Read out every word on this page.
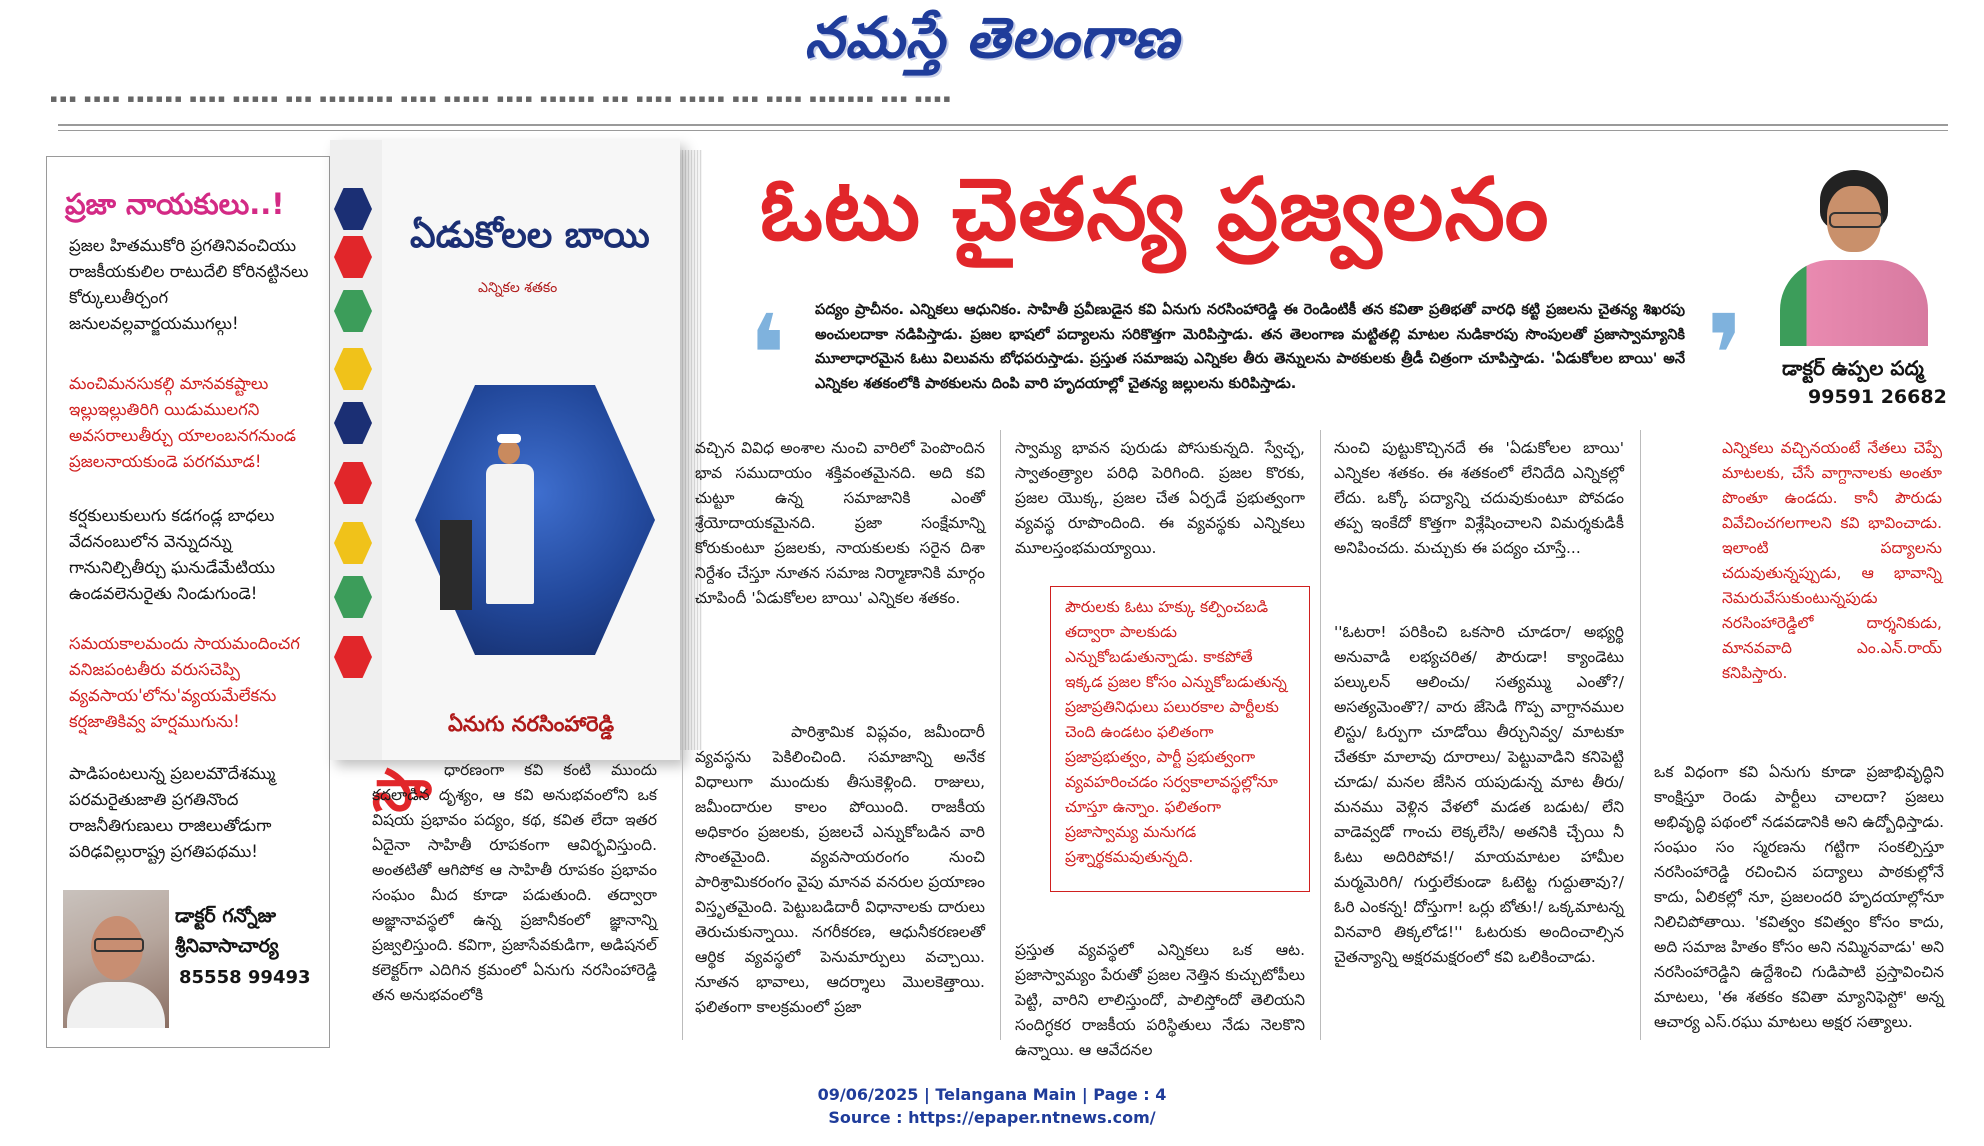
నమస్తే తెలంగాణ
▪▪▪ ▪▪▪▪ ▪▪▪▪▪▪ ▪▪▪▪ ▪▪▪▪▪ ▪▪▪ ▪▪▪▪▪▪▪▪ ▪▪▪▪ ▪▪▪▪▪ ▪▪▪▪ ▪▪▪▪▪▪ ▪▪▪ ▪▪▪▪ ▪▪▪▪▪ ▪▪▪ ▪▪▪▪ ▪▪▪▪▪▪▪ ▪▪▪ ▪▪▪▪
ప్రజా నాయకులు..!

ప్రజల హితముకోరి ప్రగతినివంచియు రాజకీయకులిల రాటుదేలి కోరినట్టినలు కోర్కులుతీర్చంగ జనులవల్లవార్జయముగల్గు!

మంచిమనసుకల్గి మానవకష్టాలు ఇల్లుఇల్లుతిరిగి యిడుములగని అవసరాలుతీర్చు యాలంబనగనుండ ప్రజలనాయకుండె పరగమూడ!

కర్షకులుకులుగు కడగండ్ల బాధలు వేదనంబులోన వెన్నుదన్ను గానునిల్చితీర్చు ఘనుడేమేటియు ఉండవలెనురైతు నిండుగుండె!

సమయకాలమందు సాయమందించగ వనిజపంటతీరు వరుసచెప్పి వ్యవసాయ'లోను'వ్యయమేలేకను కర్షజాతికివ్వ హర్షముగును!

పాడిపంటలున్న ప్రబలమౌదేశమ్ము పరమరైతుజాతి ప్రగతినొంద రాజనీతిగుణులు రాజిలుతోడుగా పరిఢవిల్లురాష్ట్ర ప్రగతిపథము!

డాక్టర్ గన్నోజు
శ్రీనివాసాచార్య
85558 99493
ఏడుకోలల బాయి
ఎన్నికల శతకం
ఏనుగు నరసింహారెడ్డి
ఓటు చైతన్య ప్రజ్వలనం
❛	❜
పద్యం ప్రాచీనం. ఎన్నికలు ఆధునికం. సాహితీ ప్రవీణుడైన కవి ఏనుగు నరసింహారెడ్డి ఈ రెండింటికీ తన కవితా ప్రతిభతో వారధి కట్టి ప్రజలను చైతన్య శిఖరపు అంచులదాకా నడిపిస్తాడు. ప్రజల భాషలో పద్యాలను సరికొత్తగా మెరిపిస్తాడు. తన తెలంగాణ మట్టితల్లి మాటల నుడికారపు సొంపులతో ప్రజాస్వామ్యానికి మూలాధారమైన ఓటు విలువను బోధపరుస్తాడు. ప్రస్తుత సమాజపు ఎన్నికల తీరు తెన్నులను పాఠకులకు త్రీడీ చిత్రంగా చూపిస్తాడు. 'ఏడుకోలల బాయి' అనే ఎన్నికల శతకంలోకి పాఠకులను దింపి వారి హృదయాల్లో చైతన్య జల్లులను కురిపిస్తాడు.
డాక్టర్ ఉప్పల పద్మ
99591 26682
సా ధారణంగా కవి కంటి ముందు కదలాడిన దృశ్యం, ఆ కవి అనుభవంలోని ఒక విషయ ప్రభావం పద్యం, కథ, కవిత లేదా ఇతర ఏదైనా సాహితీ రూపకంగా ఆవిర్భవిస్తుంది. అంతటితో ఆగిపోక ఆ సాహితీ రూపకం ప్రభావం సంఘం మీద కూడా పడుతుంది. తద్వారా అజ్ఞానావస్థలో ఉన్న ప్రజానీకంలో జ్ఞానాన్ని ప్రజ్వలిస్తుంది. కవిగా, ప్రజాసేవకుడిగా, అడిషనల్ కలెక్టర్‌గా ఎదిగిన క్రమంలో ఏనుగు నరసింహారెడ్డి తన అనుభవంలోకి

వచ్చిన వివిధ అంశాల నుంచి వారిలో పెంపొందిన భావ సముదాయం శక్తివంతమైనది. అది కవి చుట్టూ ఉన్న సమాజానికి ఎంతో శ్రేయోదాయకమైనది. ప్రజా సంక్షేమాన్ని కోరుకుంటూ ప్రజలకు, నాయకులకు సరైన దిశా నిర్దేశం చేస్తూ నూతన సమాజ నిర్మాణానికి మార్గం చూపిందీ 'ఏడుకోలల బాయి' ఎన్నికల శతకం.

పారిశ్రామిక విప్లవం, జమీందారీ వ్యవస్థను పెకిలించింది. సమాజాన్ని అనేక విధాలుగా ముందుకు తీసుకెళ్లింది. రాజులు, జమీందారుల కాలం పోయింది. రాజకీయ అధికారం ప్రజలకు, ప్రజలచే ఎన్నుకోబడిన వారి సొంతమైంది. వ్యవసాయరంగం నుంచి పారిశ్రామికరంగం వైపు మానవ వనరుల ప్రయాణం విస్తృతమైంది. పెట్టుబడిదారీ విధానాలకు దారులు తెరుచుకున్నాయి. నగరీకరణ, ఆధునీకరణలతో ఆర్థిక వ్యవస్థలో పెనుమార్పులు వచ్చాయి. నూతన భావాలు, ఆదర్శాలు మొలకెత్తాయి. ఫలితంగా కాలక్రమంలో ప్రజా

స్వామ్య భావన పురుడు పోసుకున్నది. స్వేచ్ఛ, స్వాతంత్ర్యాల పరిధి పెరిగింది. ప్రజల కొరకు, ప్రజల యొక్క, ప్రజల చేత ఏర్పడే ప్రభుత్వంగా వ్యవస్థ రూపొందింది. ఈ వ్యవస్థకు ఎన్నికలు మూలస్తంభమయ్యాయి.

పౌరులకు ఓటు హక్కు కల్పించబడి తద్వారా పాలకుడు ఎన్నుకోబడుతున్నాడు. కాకపోతే ఇక్కడ ప్రజల కోసం ఎన్నుకోబడుతున్న ప్రజాప్రతినిధులు పలురకాల పార్టీలకు చెంది ఉండటం ఫలితంగా ప్రజాప్రభుత్వం, పార్టీ ప్రభుత్వంగా వ్యవహరించడం సర్వకాలావస్థల్లోనూ చూస్తూ ఉన్నాం. ఫలితంగా ప్రజాస్వామ్య మనుగడ ప్రశ్నార్థకమవుతున్నది.

ప్రస్తుత వ్యవస్థలో ఎన్నికలు ఒక ఆట. ప్రజాస్వామ్యం పేరుతో ప్రజల నెత్తిన కుచ్చుటోపీలు పెట్టి, వారిని లాలిస్తుందో, పాలిస్తోందో తెలియని సందిగ్ధకర రాజకీయ పరిస్థితులు నేడు నెలకొని ఉన్నాయి. ఆ ఆవేదనల

నుంచి పుట్టుకొచ్చినదే ఈ 'ఏడుకోలల బాయి' ఎన్నికల శతకం. ఈ శతకంలో లేనిదేది ఎన్నికల్లో లేదు. ఒక్కో పద్యాన్ని చదువుకుంటూ పోవడం తప్ప ఇంకేదో కొత్తగా విశ్లేషించాలని విమర్శకుడికీ అనిపించదు. మచ్చుకు ఈ పద్యం చూస్తే...

''ఓటరా! పరికించి ఒకసారి చూడరా/ అభ్యర్థి అనువాడి లభ్యచరిత/ పౌరుడా! క్యాండెటు పల్కులన్ ఆలించు/ సత్యమ్ము ఎంతో?/ అసత్యమెంతొ?/ వారు జేసెడి గొప్ప వాగ్దానముల లిస్టు/ ఓర్పుగా చూడోయి తీర్చునివ్వ/ మాటకూ చేతకూ మాలావు దూరాలు/ పెట్టువాడిని కనిపెట్టి చూడు/ మనల జేసిన యపుడున్న మాట తీరు/ మనము వెళ్లిన వేళలో మడత బడుట/ లేని వాడెవ్వడో గాంచు లెక్కలేసి/ అతనికి చ్చేయి నీ ఓటు అదిరిపోవ!/ మాయమాటల హామీల మర్మమెరిగి/ గుర్తులేకుండా ఓటెట్ట గుద్దుతావు?/ ఓరి ఎంకన్న! దోస్తుగా! ఒర్లు బోతు!/ ఒక్కమాటన్న వినవారి తిక్కలోడ!'' ఓటరుకు అందించాల్సిన చైతన్యాన్ని అక్షరమక్షరంలో కవి ఒలికించాడు.

ఎన్నికలు వచ్చినయంటే నేతలు చెప్పే మాటలకు, చేసే వాగ్దానాలకు అంతూ పొంతూ ఉండదు. కానీ పౌరుడు వివేచించగలగాలని కవి భావించాడు. ఇలాంటి పద్యాలను చదువుతున్నప్పుడు, ఆ భావాన్ని నెమరువేసుకుంటున్నపుడు నరసింహారెడ్డిలో దార్శనికుడు, మానవవాది ఎం.ఎన్.రాయ్ కనిపిస్తారు.

ఒక విధంగా కవి ఏనుగు కూడా ప్రజాభివృద్ధిని కాంక్షిస్తూ రెండు పార్టీలు చాలదా? ప్రజలు అభివృద్ధి పథంలో నడవడానికి అని ఉద్బోధిస్తాడు. సంఘం సం స్మరణను గట్టిగా సంకల్పిస్తూ నరసింహారెడ్డి రచించిన పద్యాలు పాఠకుల్లోనే కాదు, ఏలికల్లో నూ, ప్రజలందరి హృదయాల్లోనూ నిలిచిపోతాయి. 'కవిత్వం కవిత్వం కోసం కాదు, అది సమాజ హితం కోసం అని నమ్మినవాడు' అని నరసింహారెడ్డిని ఉద్దేశించి గుడిపాటి ప్రస్తావించిన మాటలు, 'ఈ శతకం కవితా మ్యానిఫెస్టో' అన్న ఆచార్య ఎస్.రఘు మాటలు అక్షర సత్యాలు.

09/06/2025 | Telangana Main | Page : 4
Source : https://epaper.ntnews.com/
